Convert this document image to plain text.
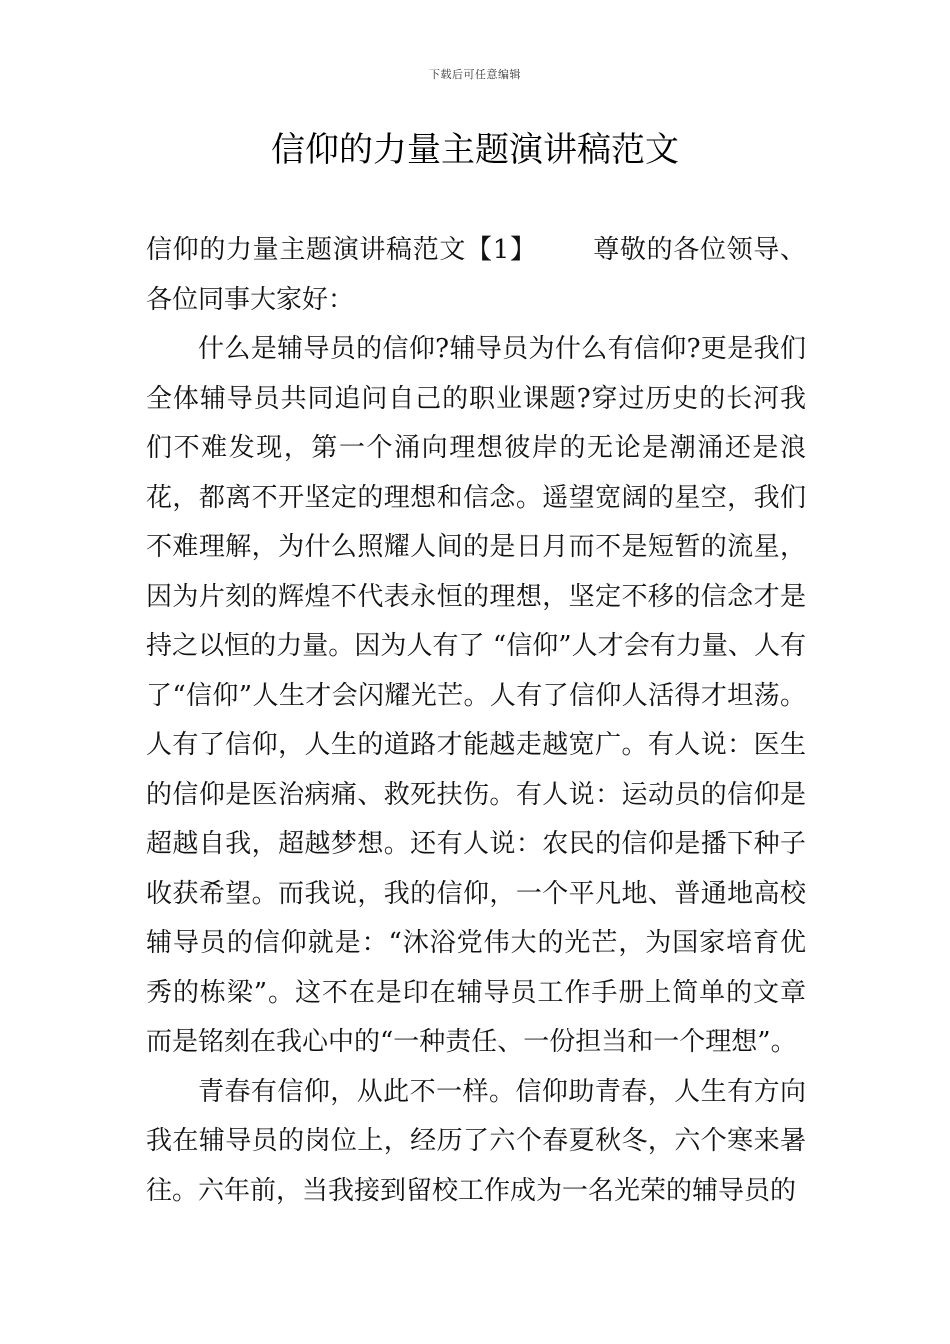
下载后可任意编辑
信仰的力量主题演讲稿范文

信仰的力量主题演讲稿范文【1】 尊敬的各位领导、各位同事大家好：

什么是辅导员的信仰?辅导员为什么有信仰?更是我们全体辅导员共同追问自己的职业课题?穿过历史的长河我们不难发现，第一个涌向理想彼岸的无论是潮涌还是浪花，都离不开坚定的理想和信念。遥望宽阔的星空，我们不难理解，为什么照耀人间的是日月而不是短暂的流星，因为片刻的辉煌不代表永恒的理想，坚定不移的信念才是持之以恒的力量。因为人有了 “信仰”人才会有力量、人有了“信仰”人生才会闪耀光芒。人有了信仰人活得才坦荡。人有了信仰，人生的道路才能越走越宽广。有人说：医生的信仰是医治病痛、救死扶伤。有人说：运动员的信仰是超越自我，超越梦想。还有人说：农民的信仰是播下种子收获希望。而我说，我的信仰，一个平凡地、普通地高校辅导员的信仰就是：“沐浴党伟大的光芒，为国家培育优秀的栋梁”。这不在是印在辅导员工作手册上简单的文章而是铭刻在我心中的“一种责任、一份担当和一个理想”。

青春有信仰，从此不一样。信仰助青春，人生有方向我在辅导员的岗位上，经历了六个春夏秋冬，六个寒来暑往。六年前，当我接到留校工作成为一名光荣的辅导员的
